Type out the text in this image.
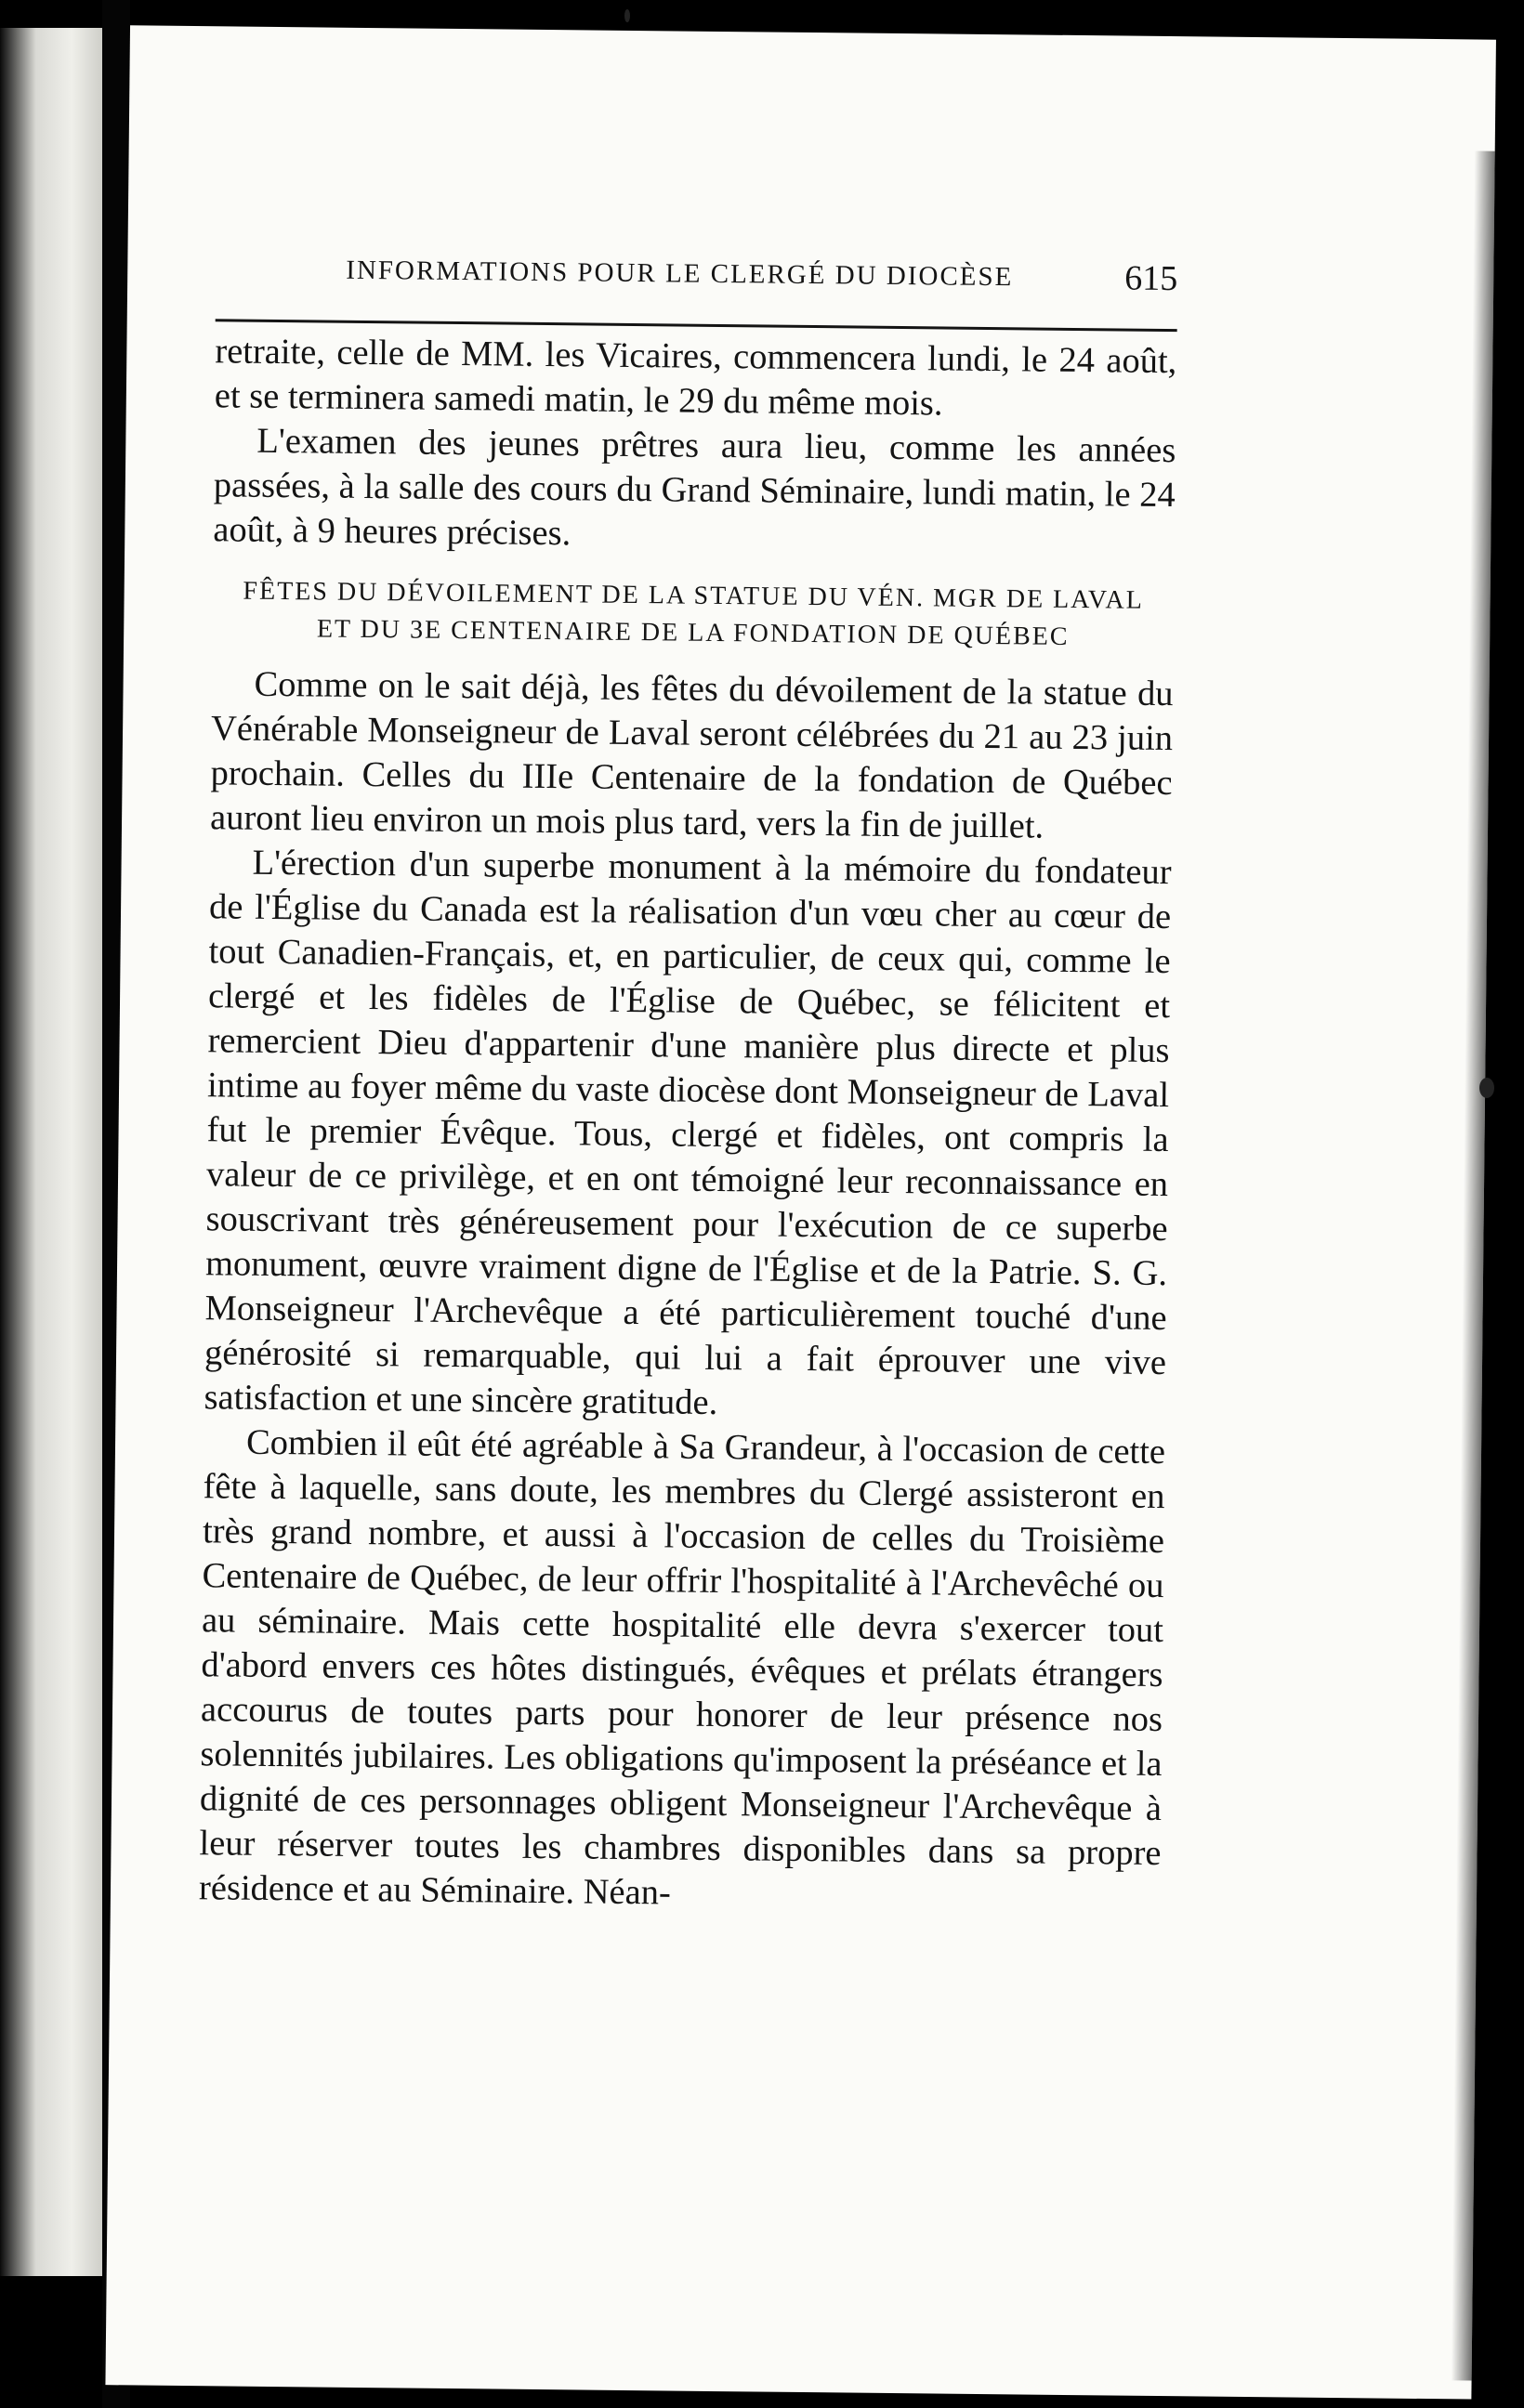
INFORMATIONS POUR LE CLERGÉ DU DIOCÈSE	615

retraite, celle de MM. les Vicaires, commencera lundi, le 24 août, et se terminera samedi matin, le 29 du même mois.

L'examen des jeunes prêtres aura lieu, comme les années passées, à la salle des cours du Grand Séminaire, lundi matin, le 24 août, à 9 heures précises.

FÊTES DU DÉVOILEMENT DE LA STATUE DU VÉN. MGR DE LAVAL
ET DU 3E CENTENAIRE DE LA FONDATION DE QUÉBEC

Comme on le sait déjà, les fêtes du dévoilement de la statue du Vénérable Monseigneur de Laval seront célébrées du 21 au 23 juin prochain. Celles du IIIe Centenaire de la fondation de Québec auront lieu environ un mois plus tard, vers la fin de juillet.

L'érection d'un superbe monument à la mémoire du fondateur de l'Église du Canada est la réalisation d'un vœu cher au cœur de tout Canadien-Français, et, en particulier, de ceux qui, comme le clergé et les fidèles de l'Église de Québec, se félicitent et remercient Dieu d'appartenir d'une manière plus directe et plus intime au foyer même du vaste diocèse dont Monseigneur de Laval fut le premier Évêque. Tous, clergé et fidèles, ont compris la valeur de ce privilège, et en ont témoigné leur reconnaissance en souscrivant très généreusement pour l'exécution de ce superbe monument, œuvre vraiment digne de l'Église et de la Patrie. S. G. Monseigneur l'Archevêque a été particulièrement touché d'une générosité si remarquable, qui lui a fait éprouver une vive satisfaction et une sincère gratitude.

Combien il eût été agréable à Sa Grandeur, à l'occasion de cette fête à laquelle, sans doute, les membres du Clergé assisteront en très grand nombre, et aussi à l'occasion de celles du Troisième Centenaire de Québec, de leur offrir l'hospitalité à l'Archevêché ou au séminaire. Mais cette hospitalité elle devra s'exercer tout d'abord envers ces hôtes distingués, évêques et prélats étrangers accourus de toutes parts pour honorer de leur présence nos solennités jubilaires. Les obligations qu'imposent la préséance et la dignité de ces personnages obligent Monseigneur l'Archevêque à leur réserver toutes les chambres disponibles dans sa propre résidence et au Séminaire. Néan-
